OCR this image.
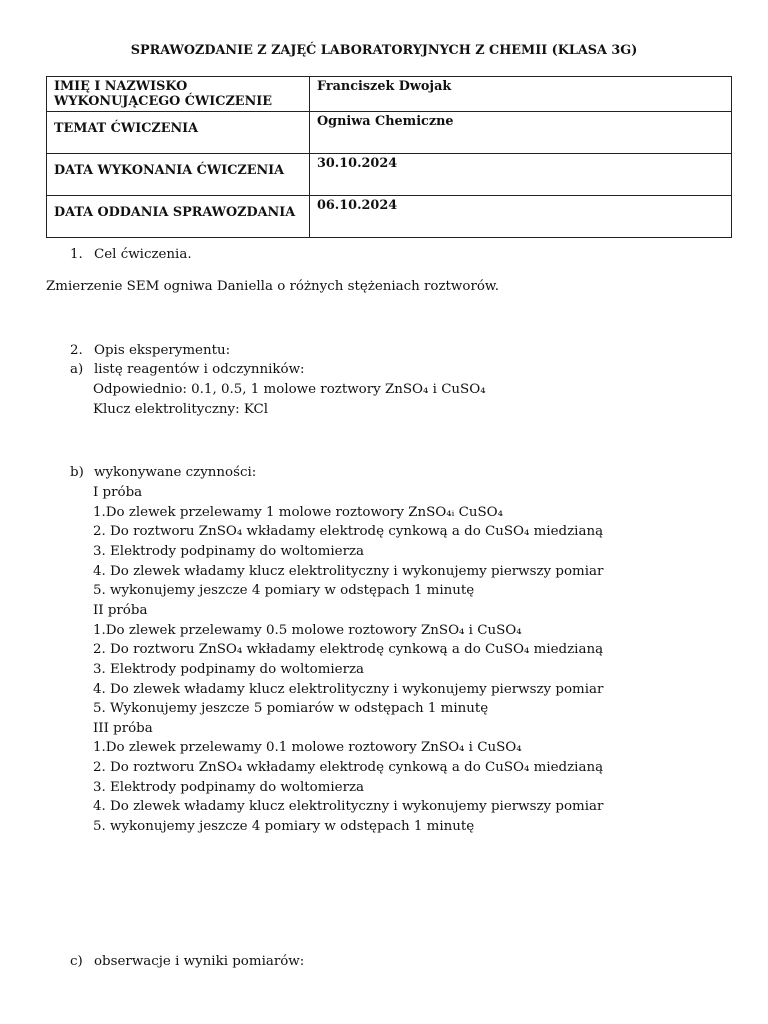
SPRAWOZDANIE Z ZAJĘĆ LABORATORYJNYCH Z CHEMII (KLASA 3G)
IMIĘ I NAZWISKO WYKONUJĄCEGO ĆWICZENIE	Franciszek Dwojak
TEMAT ĆWICZENIA	Ogniwa Chemiczne
DATA WYKONANIA ĆWICZENIA	30.10.2024
DATA ODDANIA SPRAWOZDANIA	06.10.2024
1. Cel ćwiczenia.
Zmierzenie SEM ogniwa Daniella o różnych stężeniach roztworów.
2. Opis eksperymentu:
a) listę reagentów i odczynników:
Odpowiednio: 0.1, 0.5, 1 molowe roztwory ZnSO₄ i CuSO₄
Klucz elektrolityczny: KCl
b) wykonywane czynności:
I próba
1.Do zlewek przelewamy 1 molowe roztowory ZnSO₄ᵢ CuSO₄
2. Do roztworu ZnSO₄ wkładamy elektrodę cynkową a do CuSO₄ miedzianą
3. Elektrody podpinamy do woltomierza
4. Do zlewek władamy klucz elektrolityczny i wykonujemy pierwszy pomiar
5. wykonujemy jeszcze 4 pomiary w odstępach 1 minutę
II próba
1.Do zlewek przelewamy 0.5 molowe roztowory ZnSO₄ i CuSO₄
2. Do roztworu ZnSO₄ wkładamy elektrodę cynkową a do CuSO₄ miedzianą
3. Elektrody podpinamy do woltomierza
4. Do zlewek władamy klucz elektrolityczny i wykonujemy pierwszy pomiar
5. Wykonujemy jeszcze 5 pomiarów w odstępach 1 minutę
III próba
1.Do zlewek przelewamy 0.1 molowe roztowory ZnSO₄ i CuSO₄
2. Do roztworu ZnSO₄ wkładamy elektrodę cynkową a do CuSO₄ miedzianą
3. Elektrody podpinamy do woltomierza
4. Do zlewek władamy klucz elektrolityczny i wykonujemy pierwszy pomiar
5. wykonujemy jeszcze 4 pomiary w odstępach 1 minutę
c) obserwacje i wyniki pomiarów:
